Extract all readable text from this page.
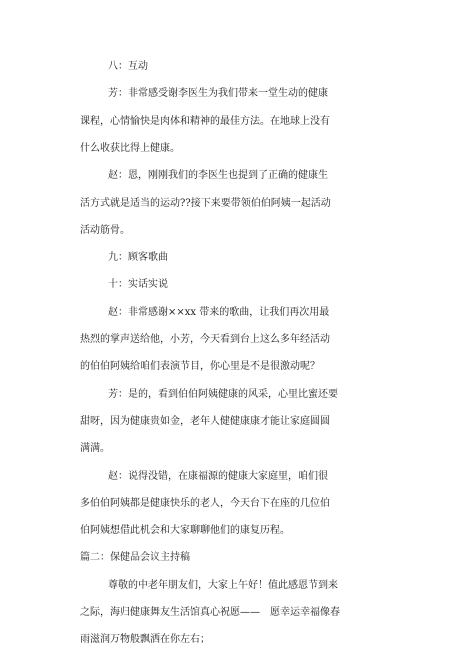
八：互动
芳：非常感受谢李医生为我们带来一堂生动的健康
课程，心情愉快是肉体和精神的最佳方法。在地球上没有
什么收获比得上健康。
赵：恩，刚刚我们的李医生也提到了正确的健康生
活方式就是适当的运动??接下来要带领伯伯阿姨一起活动
活动筋骨。
九：顾客歌曲
十：实话实说
赵：非常感谢××xx 带来的歌曲，让我们再次用最
热烈的掌声送给他，小芳，今天看到台上这么多年经活动
的伯伯阿姨给咱们表演节目，你心里是不是很激动呢？
芳：是的，看到伯伯阿姨健康的风采，心里比蜜还要
甜呀，因为健康贵如金，老年人健健康康才能让家庭圆圆
满满。
赵：说得没错，在康福源的健康大家庭里，咱们很
多伯伯阿姨都是健康快乐的老人，今天台下在座的几位伯
伯阿姨想借此机会和大家聊聊他们的康复历程。
篇二：保健品会议主持稿
尊敬的中老年朋友们，大家上午好！值此感恩节到来
之际，海归健康舞友生活馆真心祝愿——　愿幸运幸福像春
雨滋润万物般飘洒在你左右；
